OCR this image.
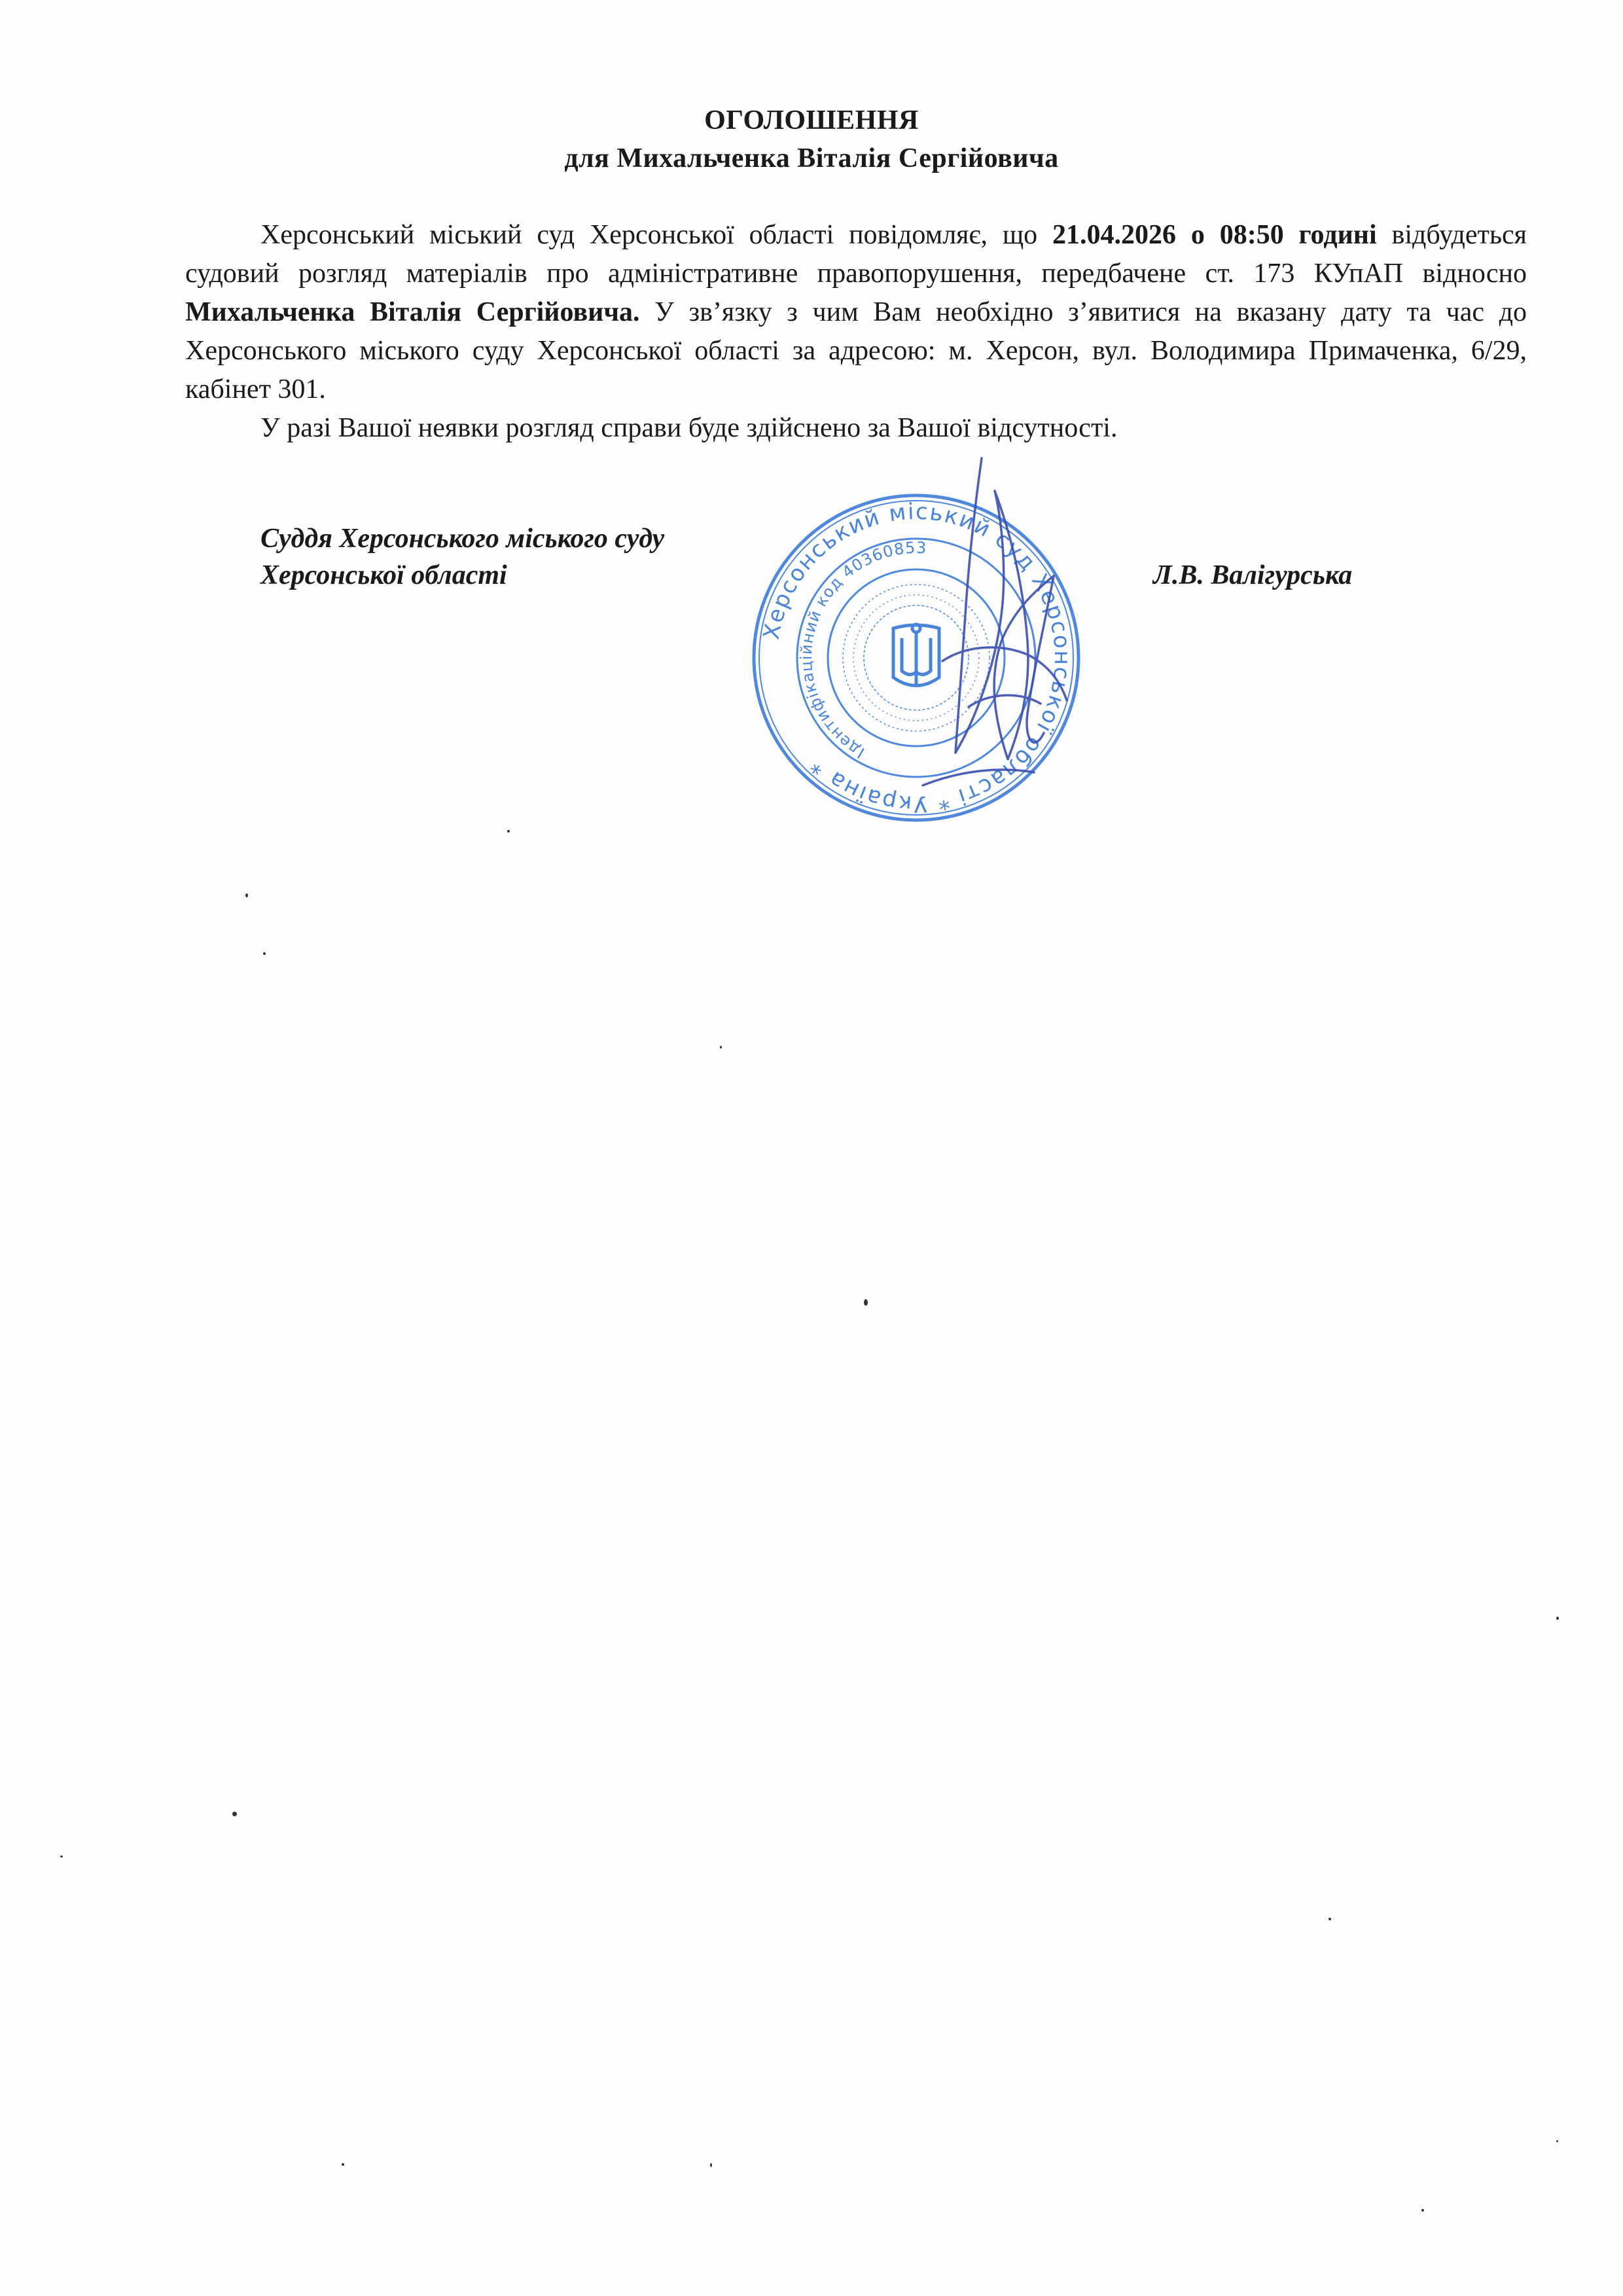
ОГОЛОШЕННЯ
для Михальченка Віталія Сергійовича

Херсонський міський суд Херсонської області повідомляє, що 21.04.2026 о 08:50 годині відбудеться судовий розгляд матеріалів про адміністративне правопорушення, передбачене ст. 173 КУпАП відносно Михальченка Віталія Сергійовича. У зв’язку з чим Вам необхідно з’явитися на вказану дату та час до Херсонського міського суду Херсонської області за адресою: м. Херсон, вул. Володимира Примаченка, 6/29, кабінет 301.

У разі Вашої неявки розгляд справи буде здійснено за Вашої відсутності.

Суддя Херсонського міського суду
Херсонської області	Л.В. Валігурська
Херсонський міський суд Херсонської області * Україна *	Ідентифікаційний код 40360853
